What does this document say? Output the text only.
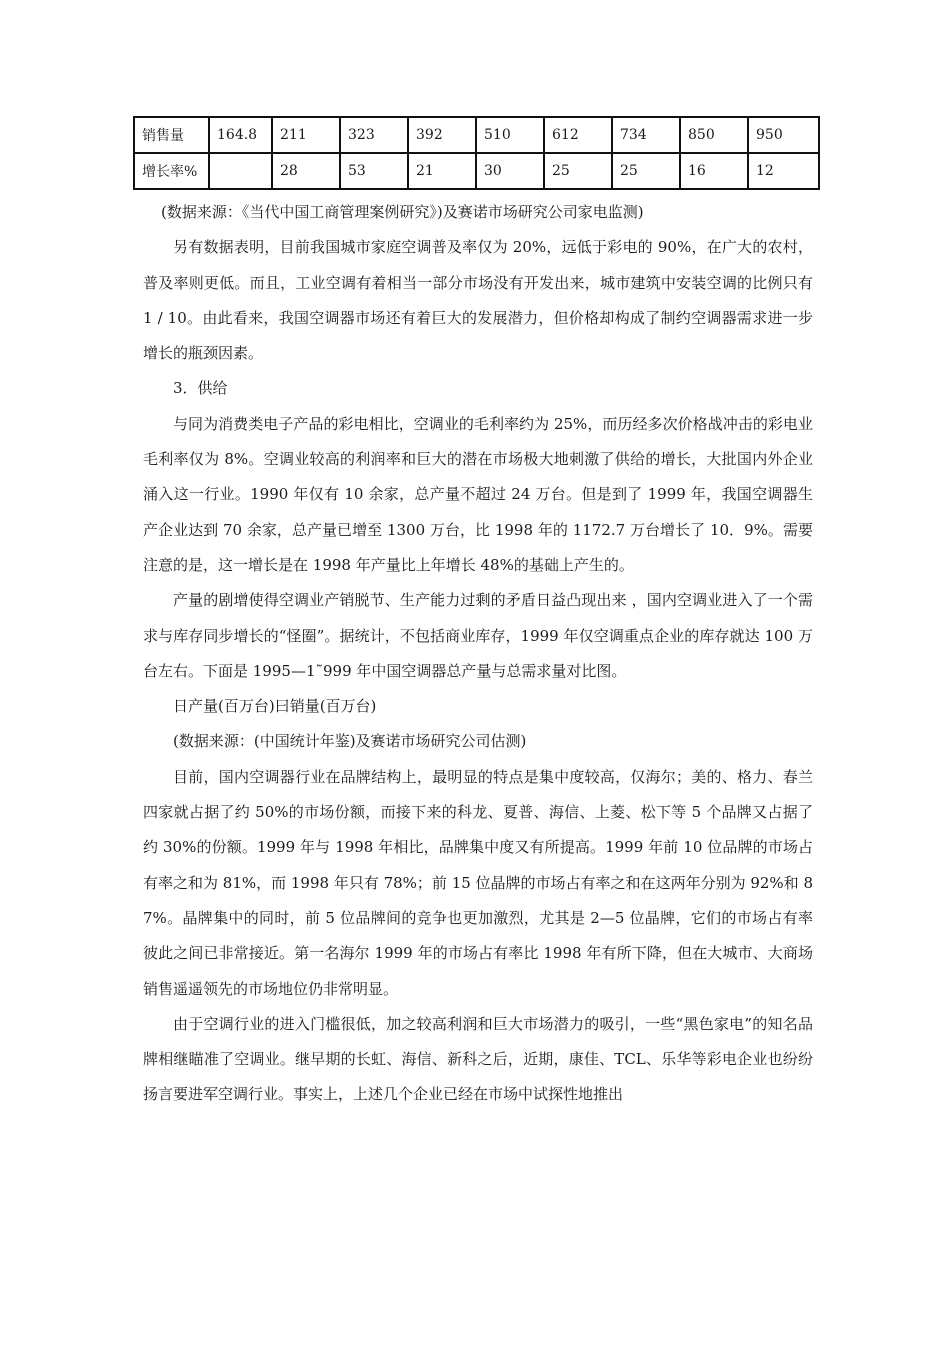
销售量	164.8	211	323	392	510	612	734	850	950
增长率%		28	53	21	30	25	25	16	12

(数据来源：《当代中国工商管理案例研究》)及赛诺市场研究公司家电监测)

另有数据表明，目前我国城市家庭空调普及率仅为 20%，远低于彩电的 90%，在广大的农村，普及率则更低。而且，工业空调有着相当一部分市场没有开发出来，城市建筑中安装空调的比例只有 1 / 10。由此看来，我国空调器市场还有着巨大的发展潜力，但价格却构成了制约空调器需求进一步增长的瓶颈因素。

3．供给

与同为消费类电子产品的彩电相比，空调业的毛利率约为 25%，而历经多次价格战冲击的彩电业毛利率仅为 8%。空调业较高的利润率和巨大的潜在市场极大地刺激了供给的增长，大批国内外企业涌入这一行业。1990 年仅有 10 余家，总产量不超过 24 万台。但是到了 1999 年，我国空调器生产企业达到 70 余家，总产量已增至 1300 万台，比 1998 年的 1172.7 万台增长了 10．9%。需要注意的是，这一增长是在 1998 年产量比上年增长 48%的基础上产生的。

产量的剧增使得空调业产销脱节、生产能力过剩的矛盾日益凸现出来 ，国内空调业进入了一个需求与库存同步增长的“怪圈”。据统计，不包括商业库存，1999 年仅空调重点企业的库存就达 100 万台左右。下面是 1995—1˜999 年中国空调器总产量与总需求量对比图。

日产量(百万台)曰销量(百万台)

(数据来源：(中国统计年鉴)及赛诺市场研究公司估测)

目前，国内空调器行业在品牌结构上，最明显的特点是集中度较高，仅海尔；美的、格力、春兰四家就占据了约 50%的市场份额，而接下来的科龙、夏普、海信、上菱、松下等 5 个品牌又占据了约 30%的份额。1999 年与 1998 年相比，品牌集中度又有所提高。1999 年前 10 位品牌的市场占有率之和为 81%，而 1998 年只有 78%；前 15 位晶牌的市场占有率之和在这两年分别为 92%和 87%。晶牌集中的同时，前 5 位品牌间的竞争也更加激烈，尤其是 2—5 位晶牌，它们的市场占有率彼此之间已非常接近。第一名海尔 1999 年的市场占有率比 1998 年有所下降，但在大城市、大商场销售遥遥领先的市场地位仍非常明显。

由于空调行业的进入门槛很低，加之较高利润和巨大市场潜力的吸引，一些“黑色家电”的知名品牌相继瞄准了空调业。继早期的长虹、海信、新科之后，近期，康佳、TCL、乐华等彩电企业也纷纷扬言要进军空调行业。事实上，上述几个企业已经在市场中试探性地推出
